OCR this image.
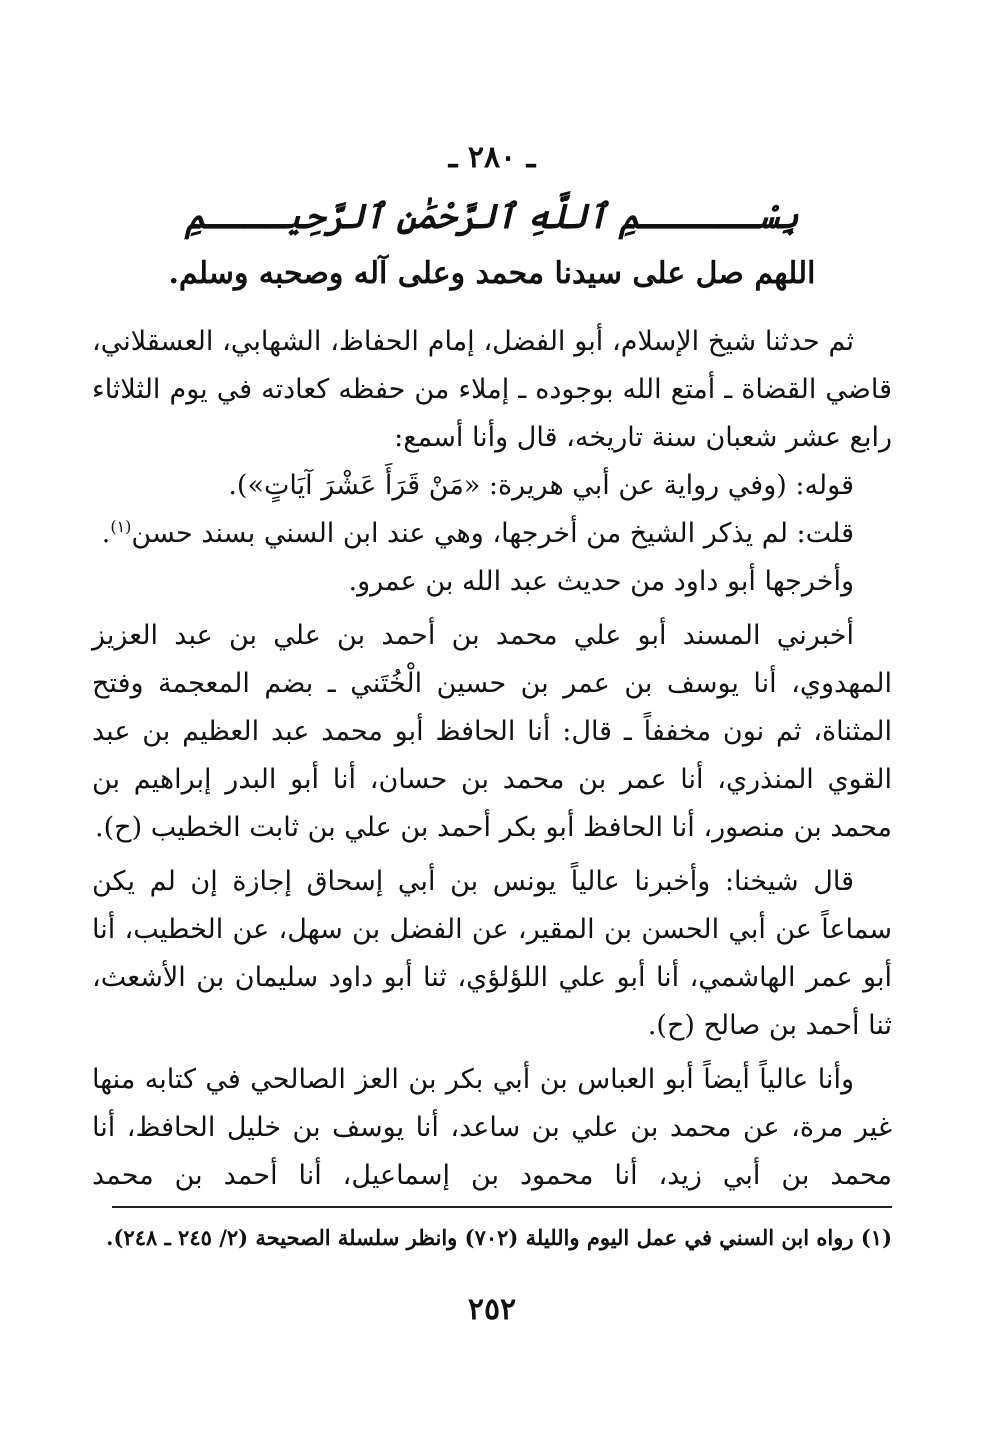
ـ ٢٨٠ ـ
بِسْــــــمِ ٱللَّهِ ٱلرَّحْمَٰنِ ٱلرَّحِيــــمِ
اللهم صل على سيدنا محمد وعلى آله وصحبه وسلم.

ثم حدثنا شيخ الإسلام، أبو الفضل، إمام الحفاظ، الشهابي، العسقلاني، قاضي القضاة ـ أمتع الله بوجوده ـ إملاء من حفظه كعادته في يوم الثلاثاء رابع عشر شعبان سنة تاريخه، قال وأنا أسمع:

قوله: (وفي رواية عن أبي هريرة: «مَنْ قَرَأَ عَشْرَ آيَاتٍ»).

قلت: لم يذكر الشيخ من أخرجها، وهي عند ابن السني بسند حسن$^{(١)}$.

وأخرجها أبو داود من حديث عبد الله بن عمرو.

أخبرني المسند أبو علي محمد بن أحمد بن علي بن عبد العزيز المهدوي، أنا يوسف بن عمر بن حسين الْخُتَني ـ بضم المعجمة وفتح المثناة، ثم نون مخففاً ـ قال: أنا الحافظ أبو محمد عبد العظيم بن عبد القوي المنذري، أنا عمر بن محمد بن حسان، أنا أبو البدر إبراهيم بن محمد بن منصور، أنا الحافظ أبو بكر أحمد بن علي بن ثابت الخطيب (ح).

قال شيخنا: وأخبرنا عالياً يونس بن أبي إسحاق إجازة إن لم يكن سماعاً عن أبي الحسن بن المقير، عن الفضل بن سهل، عن الخطيب، أنا أبو عمر الهاشمي، أنا أبو علي اللؤلؤي، ثنا أبو داود سليمان بن الأشعث، ثنا أحمد بن صالح (ح).

وأنا عالياً أيضاً أبو العباس بن أبي بكر بن العز الصالحي في كتابه منها غير مرة، عن محمد بن علي بن ساعد، أنا يوسف بن خليل الحافظ، أنا محمد بن أبي زيد، أنا محمود بن إسماعيل، أنا أحمد بن محمد

(١) رواه ابن السني في عمل اليوم والليلة (٧٠٢) وانظر سلسلة الصحيحة (٢/ ٢٤٥ ـ ٢٤٨).

٢٥٢
